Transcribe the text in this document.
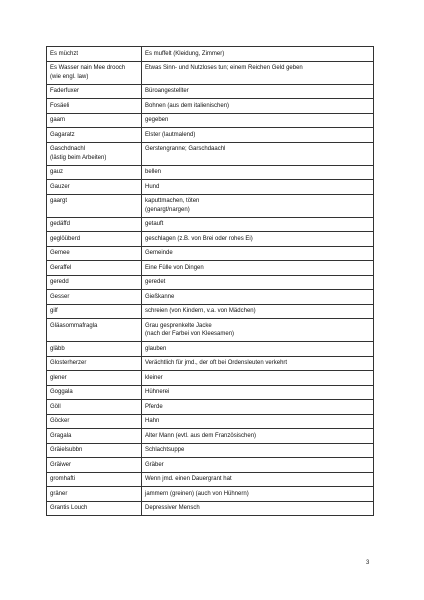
Es müchzt	Es muffelt (Kleidung, Zimmer)

Es Wasser nain Mee drooch
(wie engl. law)	Etwas Sinn- und Nutzloses tun; einem Reichen Geld geben

Faderfuxer	Büroangestellter

Fosäeli	Bohnen (aus dem italienischen)

gaam	gegeben

Gagaratz	Elster (lautmalend)

Gaschdnachl
(lästig beim Arbeiten)	Gerstengranne; Garschdaachl

gauz	bellen

Gauzer	Hund

gaargt	kaputtmachen, töten
(genargt/nargen)

gedäffd	getauft

geglöüberd	geschlagen (z.B. von Brei oder rohes Ei)

Gemee	Gemeinde

Geraffel	Eine Fülle von Dingen

geredd	geredet

Gesser	Gießkanne

gilf	schreien (von Kindern, v.a. von Mädchen)

Gläasommafragla	Grau gesprenkelte Jacke
(nach der Farbei von Kleesamen)

gläbb	glauben

Glosterherzer	Verächtlich für jmd., der oft bei Ordensleuten verkehrt

glener	kleiner

Goggala	Hühnerei

Göll	Pferde

Göcker	Hahn

Gragala	Alter Mann (evtl. aus dem Französischen)

Gräielsubbn	Schlachtsuppe

Gräiwer	Gräber

gromhafti	Wenn jmd. einen Dauergrant hat

gräner	jammern (greinen) (auch von Hühnern)

Grantis Louch	Depressiver Mensch
3
